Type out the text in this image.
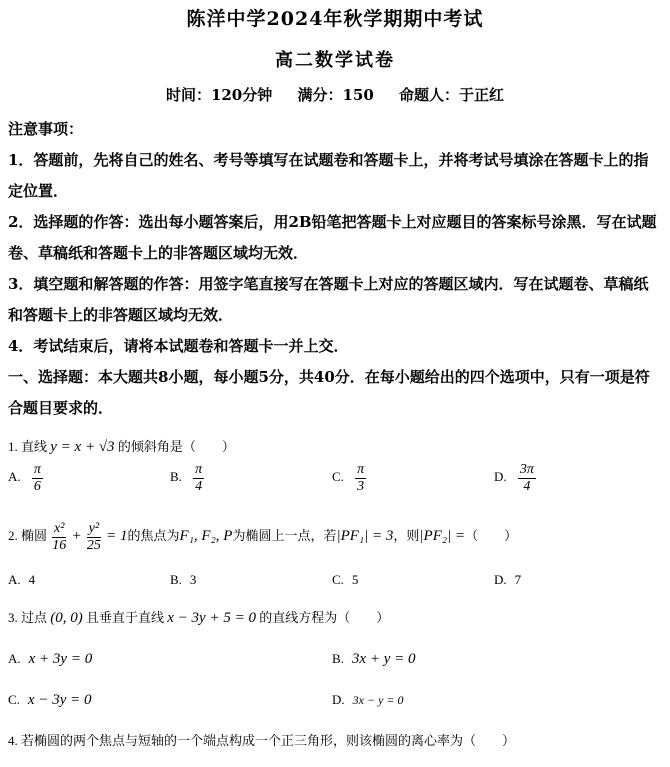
陈洋中学2024年秋学期期中考试
高二数学试卷
时间：120分钟 满分：150 命题人：于正红

注意事项：

1．答题前，先将自己的姓名、考号等填写在试题卷和答题卡上，并将考试号填涂在答题卡上的指定位置．

2．选择题的作答：选出每小题答案后，用2B铅笔把答题卡上对应题目的答案标号涂黑．写在试题卷、草稿纸和答题卡上的非答题区域均无效．

3．填空题和解答题的作答：用签字笔直接写在答题卡上对应的答题区域内．写在试题卷、草稿纸和答题卡上的非答题区域均无效．

4．考试结束后，请将本试题卷和答题卡一并上交．

一、选择题：本大题共8小题，每小题5分，共40分．在每小题给出的四个选项中，只有一项是符合题目要求的．

1. 直线 y = x + √3 的倾斜角是（　　）
A. $\frac{\pi}{6}$	B. $\frac{\pi}{4}$	C. $\frac{\pi}{3}$	D. $\frac{3\pi}{4}$
2. 椭圆 $\frac{\text{x²}}{16} + \frac{\text{y²}}{25} = 1$的焦点为F₁, F₂, P为椭圆上一点，若|PF₁| = 3，则|PF₂| =（　　）
A. 4	B. 3	C. 5	D. 7
3. 过点 (0, 0) 且垂直于直线 x − 3y + 5 = 0 的直线方程为（　　）
A. x + 3y = 0	B. 3x + y = 0
C. x − 3y = 0	D. 3x − y = 0
4. 若椭圆的两个焦点与短轴的一个端点构成一个正三角形，则该椭圆的离心率为（　　）
